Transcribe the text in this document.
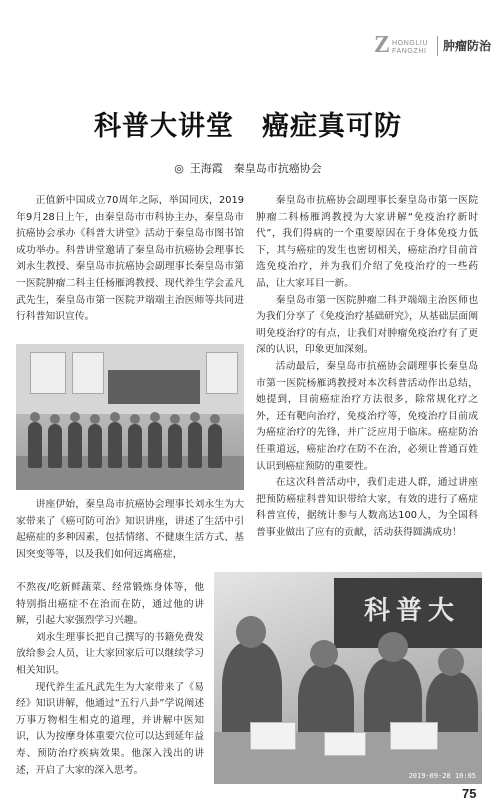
Z HONGLIU
FANGZHI 肿瘤防治
科普大讲堂　癌症真可防
◎ 王海霞　秦皇岛市抗癌协会

正值新中国成立70周年之际，举国同庆，2019年9月28日上午，由秦皇岛市市科协主办，秦皇岛市抗癌协会承办《科普大讲堂》活动于秦皇岛市图书馆成功举办。科普讲堂邀请了秦皇岛市抗癌协会理事长刘永生教授、秦皇岛市抗癌协会副理事长秦皇岛市第一医院肿瘤二科主任杨雁鸿教授、现代养生学会孟凡武先生，秦皇岛市第一医院尹端端主治医师等共同进行科普知识宣传。

秦皇岛市抗癌协会副理事长秦皇岛市第一医院肿瘤二科杨雁鸿教授为大家讲解“免疫治疗新时代”，我们得病的一个重要原因在于身体免疫力低下，其与癌症的发生也密切相关，癌症治疗目前首选免疫治疗，并为我们介绍了免疫治疗的一些药品，让大家耳目一新。

秦皇岛市第一医院肿瘤二科尹端端主治医师也为我们分享了《免疫治疗基础研究》，从基础层面阐明免疫治疗的有点，让我们对肿瘤免疫治疗有了更深的认识，印象更加深刻。

活动最后，秦皇岛市抗癌协会副理事长秦皇岛市第一医院杨雁鸿教授对本次科普活动作出总结，她提到，目前癌症治疗方法很多，除常规化疗之外，还有靶向治疗，免疫治疗等，免疫治疗目前成为癌症治疗的先锋，并广泛应用于临床。癌症防治任重道远，癌症治疗在防不在治，必须让普通百姓认识到癌症预防的重要性。

在这次科普活动中，我们走进人群，通过讲座把预防癌症科普知识带给大家，有效的进行了癌症科普宣传，据统计参与人数高达100人，为全国科普事业做出了应有的贡献，活动获得圆满成功！

讲座伊始，秦皇岛市抗癌协会理事长刘永生为大家带来了《癌可防可治》知识讲座，讲述了生活中引起癌症的多种因素，包括情绪、不健康生活方式、基因突变等等，以及我们如何远离癌症，

不熬夜/吃新鲜蔬菜、经常锻炼身体等，他特别指出癌症不在治而在防，通过他的讲解，引起大家强烈学习兴趣。

刘永生理事长把自己撰写的书籍免费发放给参会人员，让大家回家后可以继续学习相关知识。

现代养生孟凡武先生为大家带来了《易经》知识讲解，他通过“五行八卦”学说阐述万事万物相生相克的道理，并讲解中医知识，认为按摩身体重要穴位可以达到延年益寿、预防治疗疾病效果。他深入浅出的讲述，开启了大家的深入思考。

科普大
2019-09-28 10:05
75
